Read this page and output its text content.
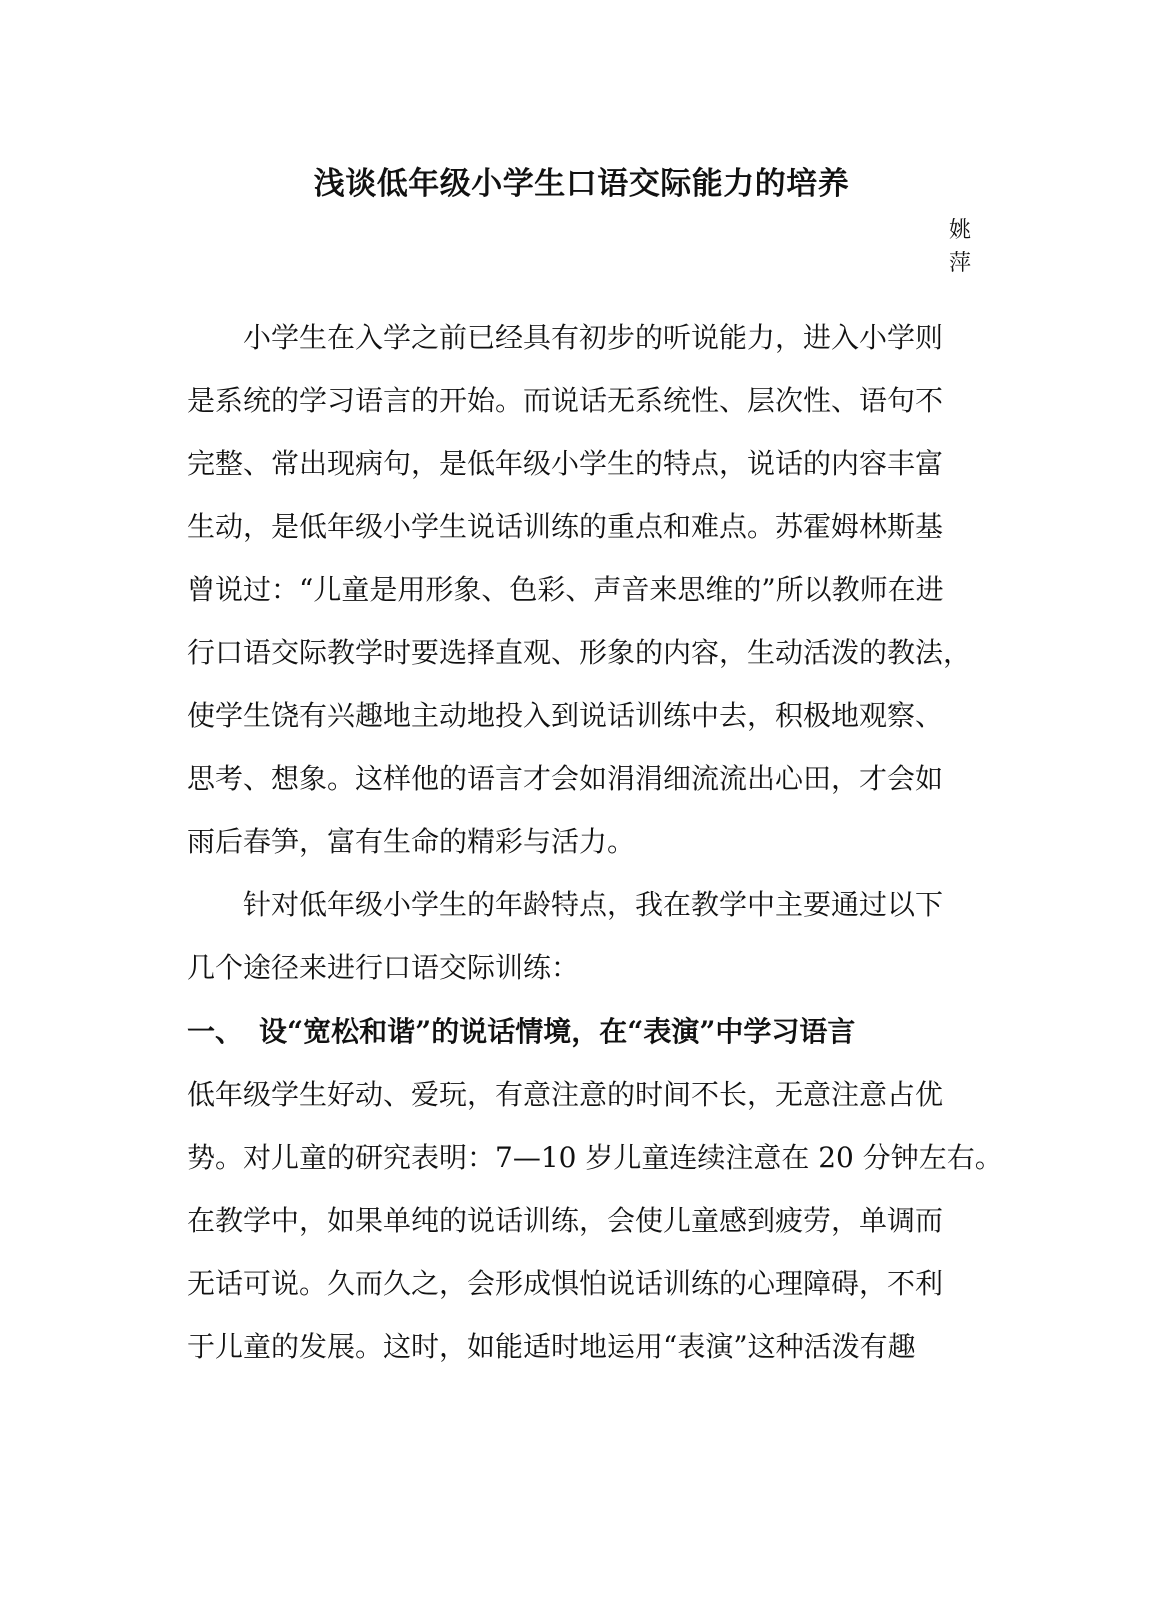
浅谈低年级小学生口语交际能力的培养
姚
萍
小学生在入学之前已经具有初步的听说能力，进入小学则
是系统的学习语言的开始。而说话无系统性、层次性、语句不
完整、常出现病句，是低年级小学生的特点，说话的内容丰富
生动，是低年级小学生说话训练的重点和难点。苏霍姆林斯基
曾说过：“儿童是用形象、色彩、声音来思维的”所以教师在进
行口语交际教学时要选择直观、形象的内容，生动活泼的教法，
使学生饶有兴趣地主动地投入到说话训练中去，积极地观察、
思考、想象。这样他的语言才会如涓涓细流流出心田，才会如
雨后春笋，富有生命的精彩与活力。
针对低年级小学生的年龄特点，我在教学中主要通过以下
几个途径来进行口语交际训练：
一、 设“宽松和谐”的说话情境，在“表演”中学习语言
低年级学生好动、爱玩，有意注意的时间不长，无意注意占优
势。对儿童的研究表明：7—10 岁儿童连续注意在 20 分钟左右。
在教学中，如果单纯的说话训练，会使儿童感到疲劳，单调而
无话可说。久而久之，会形成惧怕说话训练的心理障碍，不利
于儿童的发展。这时，如能适时地运用“表演”这种活泼有趣
